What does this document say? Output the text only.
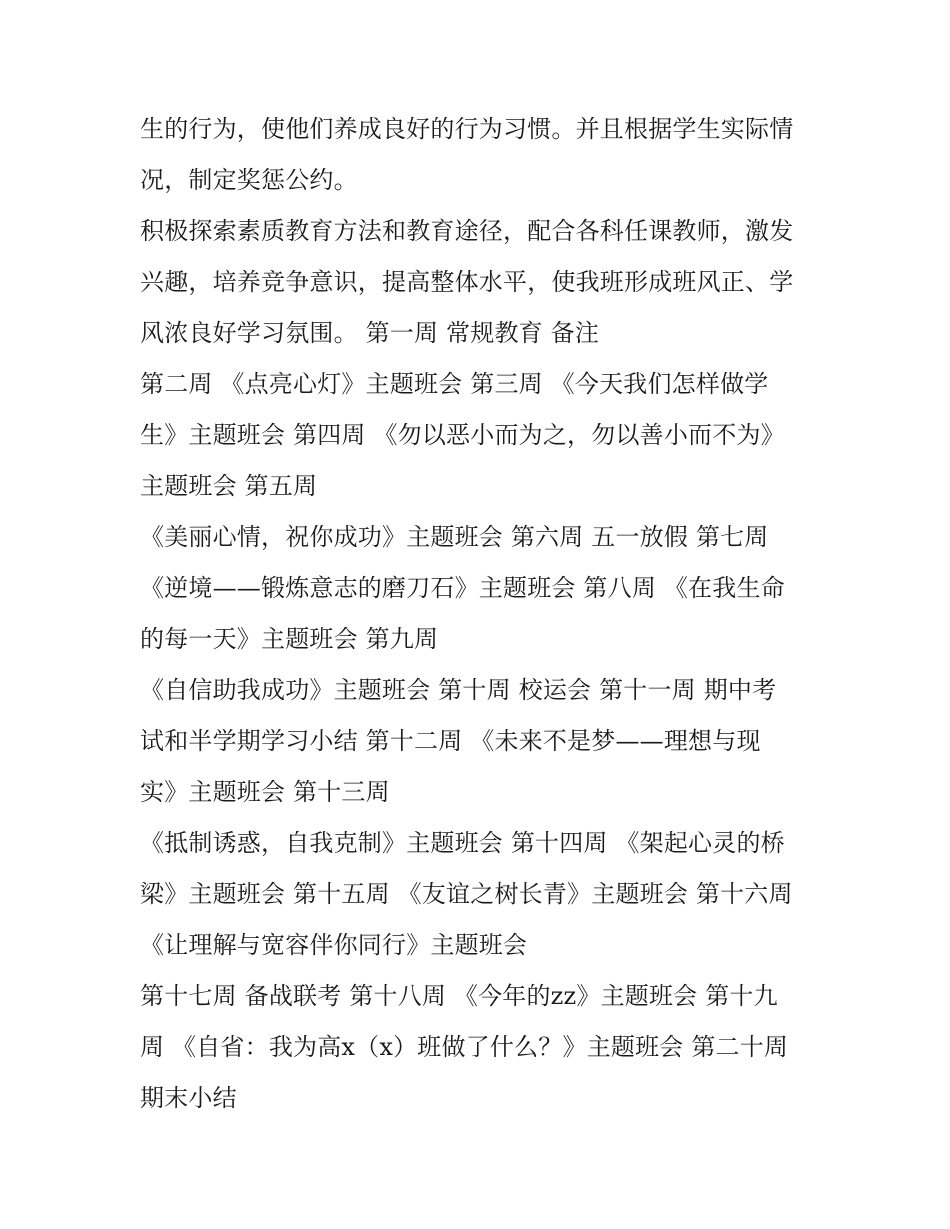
生的行为，使他们养成良好的行为习惯。并且根据学生实际情
况，制定奖惩公约。
积极探索素质教育方法和教育途径，配合各科任课教师，激发
兴趣，培养竞争意识，提高整体水平，使我班形成班风正、学
风浓良好学习氛围。 第一周 常规教育 备注
第二周 《点亮心灯》主题班会 第三周 《今天我们怎样做学
生》主题班会 第四周 《勿以恶小而为之，勿以善小而不为》
主题班会 第五周
《美丽心情，祝你成功》主题班会 第六周 五一放假 第七周
《逆境——锻炼意志的磨刀石》主题班会 第八周 《在我生命
的每一天》主题班会 第九周
《自信助我成功》主题班会 第十周 校运会 第十一周 期中考
试和半学期学习小结 第十二周 《未来不是梦——理想与现
实》主题班会 第十三周
《抵制诱惑，自我克制》主题班会 第十四周 《架起心灵的桥
梁》主题班会 第十五周 《友谊之树长青》主题班会 第十六周
《让理解与宽容伴你同行》主题班会
第十七周 备战联考 第十八周 《今年的zz》主题班会 第十九
周 《自省：我为高x（x）班做了什么？》主题班会 第二十周
期末小结
